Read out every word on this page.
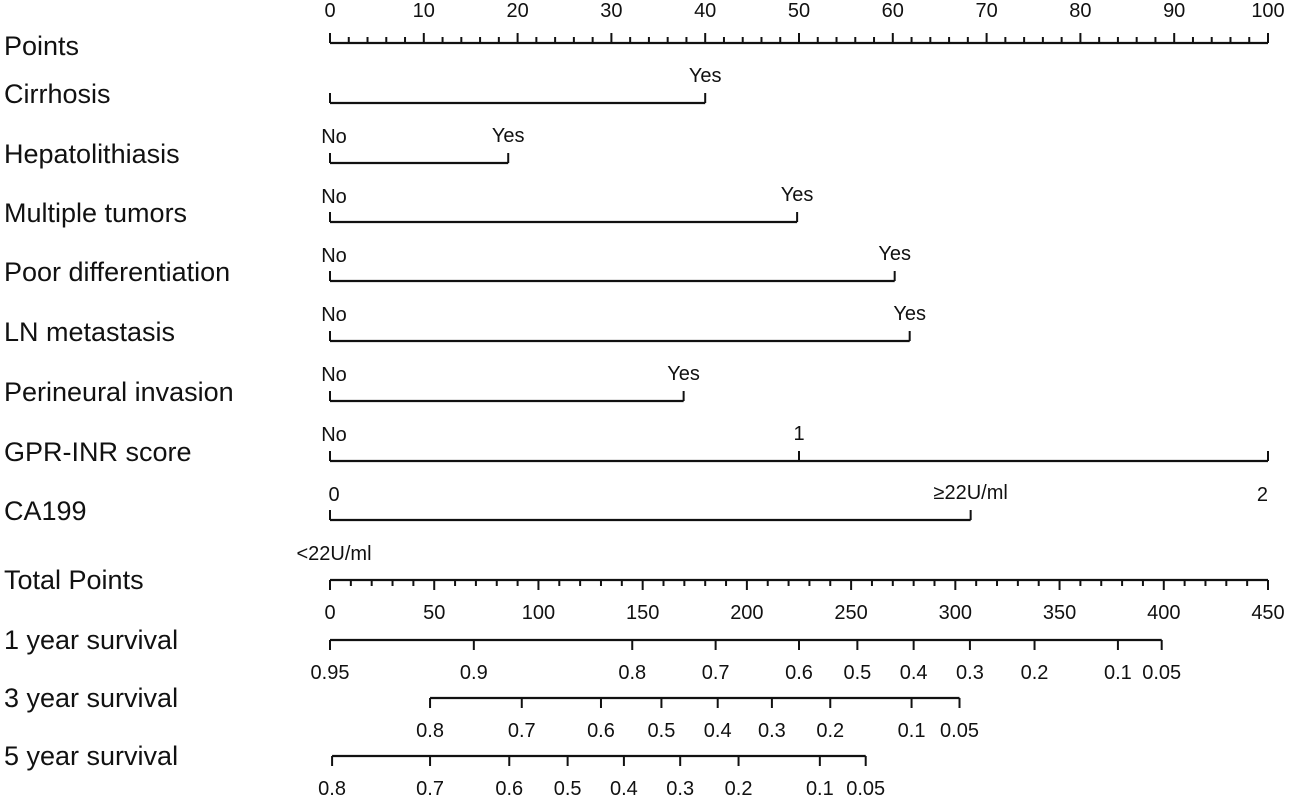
Points
0	10	20	30	40	50	60	70	80	90	100
Cirrhosis
No
Yes
Hepatolithiasis
No
Yes
Multiple tumors
No
Yes
Poor differentiation
No
Yes
LN metastasis
No
Yes
Perineural invasion
No
Yes
GPR-INR score
0
1
2
CA199
<22U/ml
≥22U/ml
Total Points
0	50	100	150	200	250	300	350	400	450
1 year survival
0.95	0.9	0.8	0.7	0.6 0.5 0.4 0.3 0.2	0.1 0.05
3 year survival
0.8	0.7	0.6 0.5 0.4 0.3 0.2	0.1 0.05
5 year survival
0.8	0.7	0.6 0.5 0.4 0.3 0.2	0.1 0.05
